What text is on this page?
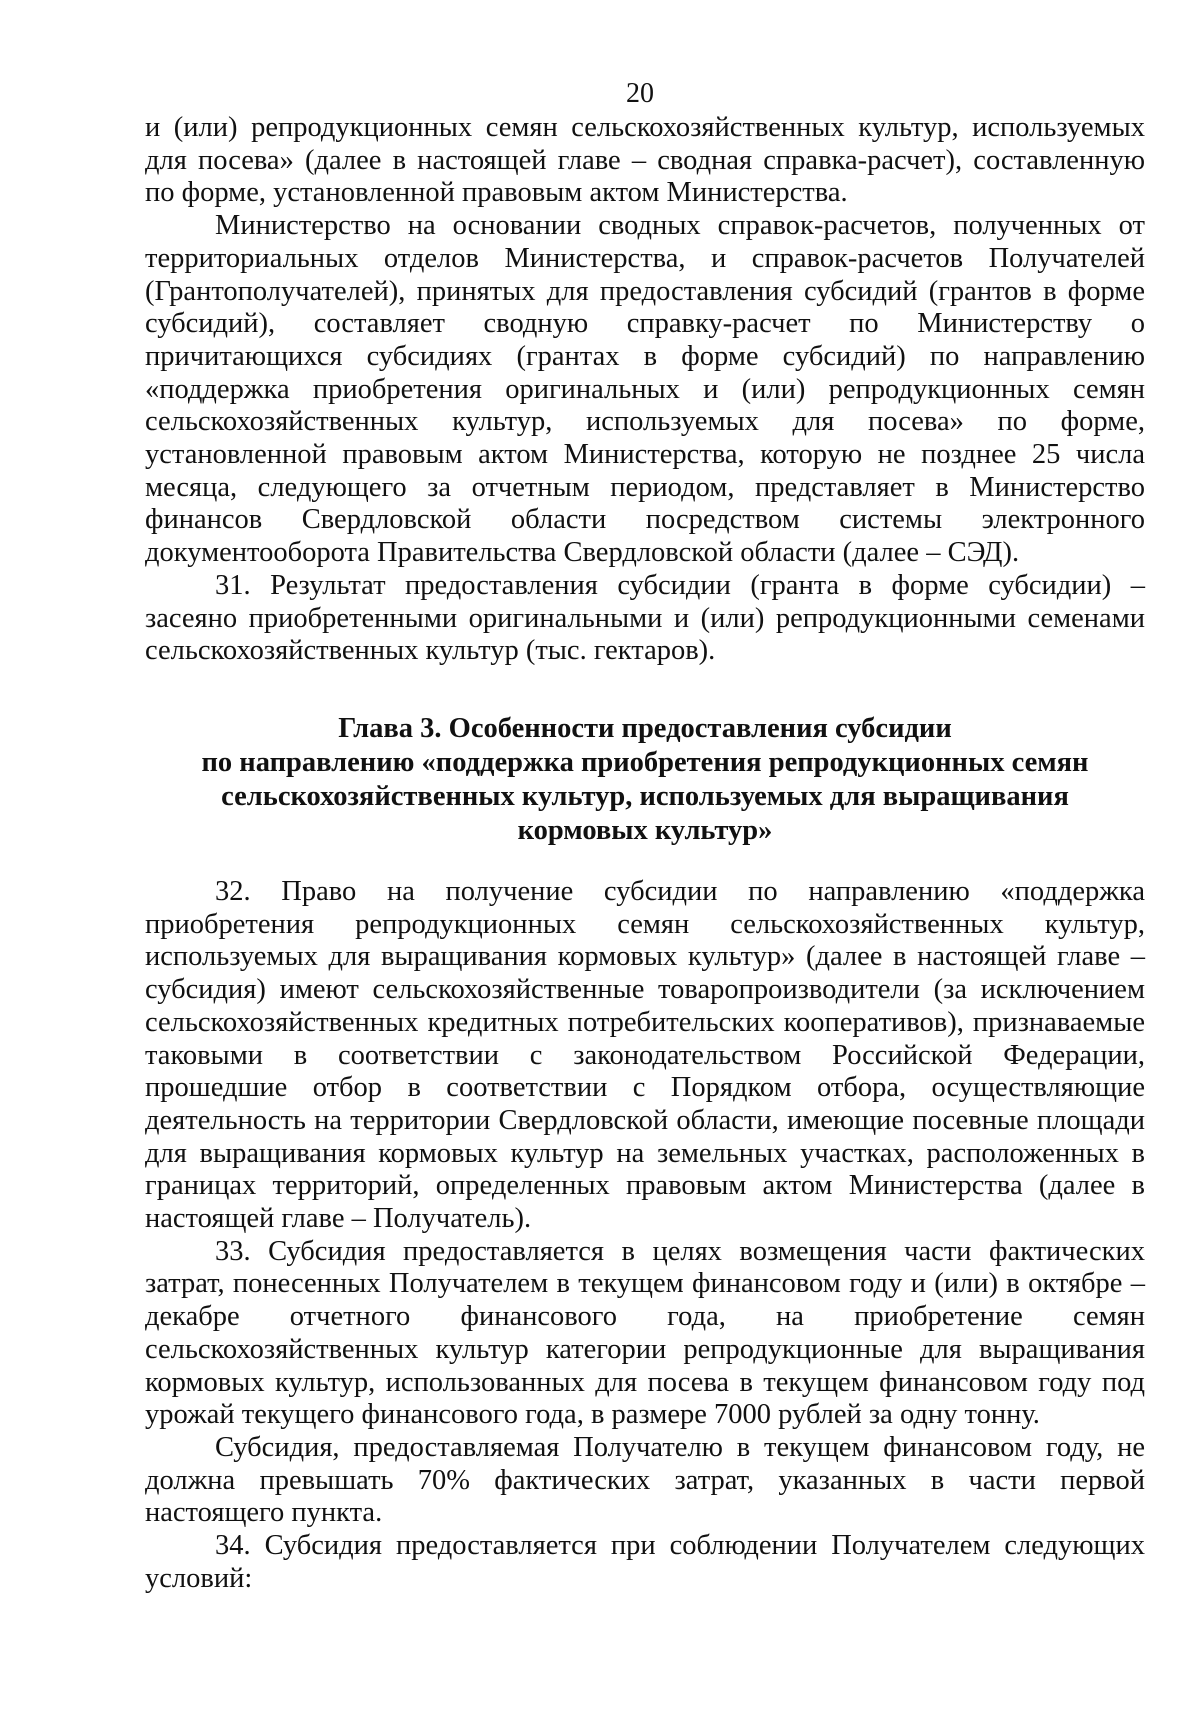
20

и (или) репродукционных семян сельскохозяйственных культур, используемых для посева» (далее в настоящей главе – сводная справка-расчет), составленную по форме, установленной правовым актом Министерства.

Министерство на основании сводных справок-расчетов, полученных от территориальных отделов Министерства, и справок-расчетов Получателей (Грантополучателей), принятых для предоставления субсидий (грантов в форме субсидий), составляет сводную справку-расчет по Министерству о причитающихся субсидиях (грантах в форме субсидий) по направлению «поддержка приобретения оригинальных и (или) репродукционных семян сельскохозяйственных культур, используемых для посева» по форме, установленной правовым актом Министерства, которую не позднее 25 числа месяца, следующего за отчетным периодом, представляет в Министерство финансов Свердловской области посредством системы электронного документооборота Правительства Свердловской области (далее – СЭД).

31. Результат предоставления субсидии (гранта в форме субсидии) – засеяно приобретенными оригинальными и (или) репродукционными семенами сельскохозяйственных культур (тыс. гектаров).

Глава 3. Особенности предоставления субсидии
по направлению «поддержка приобретения репродукционных семян
сельскохозяйственных культур, используемых для выращивания
кормовых культур»

32. Право на получение субсидии по направлению «поддержка приобретения репродукционных семян сельскохозяйственных культур, используемых для выращивания кормовых культур» (далее в настоящей главе – субсидия) имеют сельскохозяйственные товаропроизводители (за исключением сельскохозяйственных кредитных потребительских кооперативов), признаваемые таковыми в соответствии с законодательством Российской Федерации, прошедшие отбор в соответствии с Порядком отбора, осуществляющие деятельность на территории Свердловской области, имеющие посевные площади для выращивания кормовых культур на земельных участках, расположенных в границах территорий, определенных правовым актом Министерства (далее в настоящей главе – Получатель).

33. Субсидия предоставляется в целях возмещения части фактических затрат, понесенных Получателем в текущем финансовом году и (или) в октябре – декабре отчетного финансового года, на приобретение семян сельскохозяйственных культур категории репродукционные для выращивания кормовых культур, использованных для посева в текущем финансовом году под урожай текущего финансового года, в размере 7000 рублей за одну тонну.

Субсидия, предоставляемая Получателю в текущем финансовом году, не должна превышать 70% фактических затрат, указанных в части первой настоящего пункта.

34. Субсидия предоставляется при соблюдении Получателем следующих условий:
